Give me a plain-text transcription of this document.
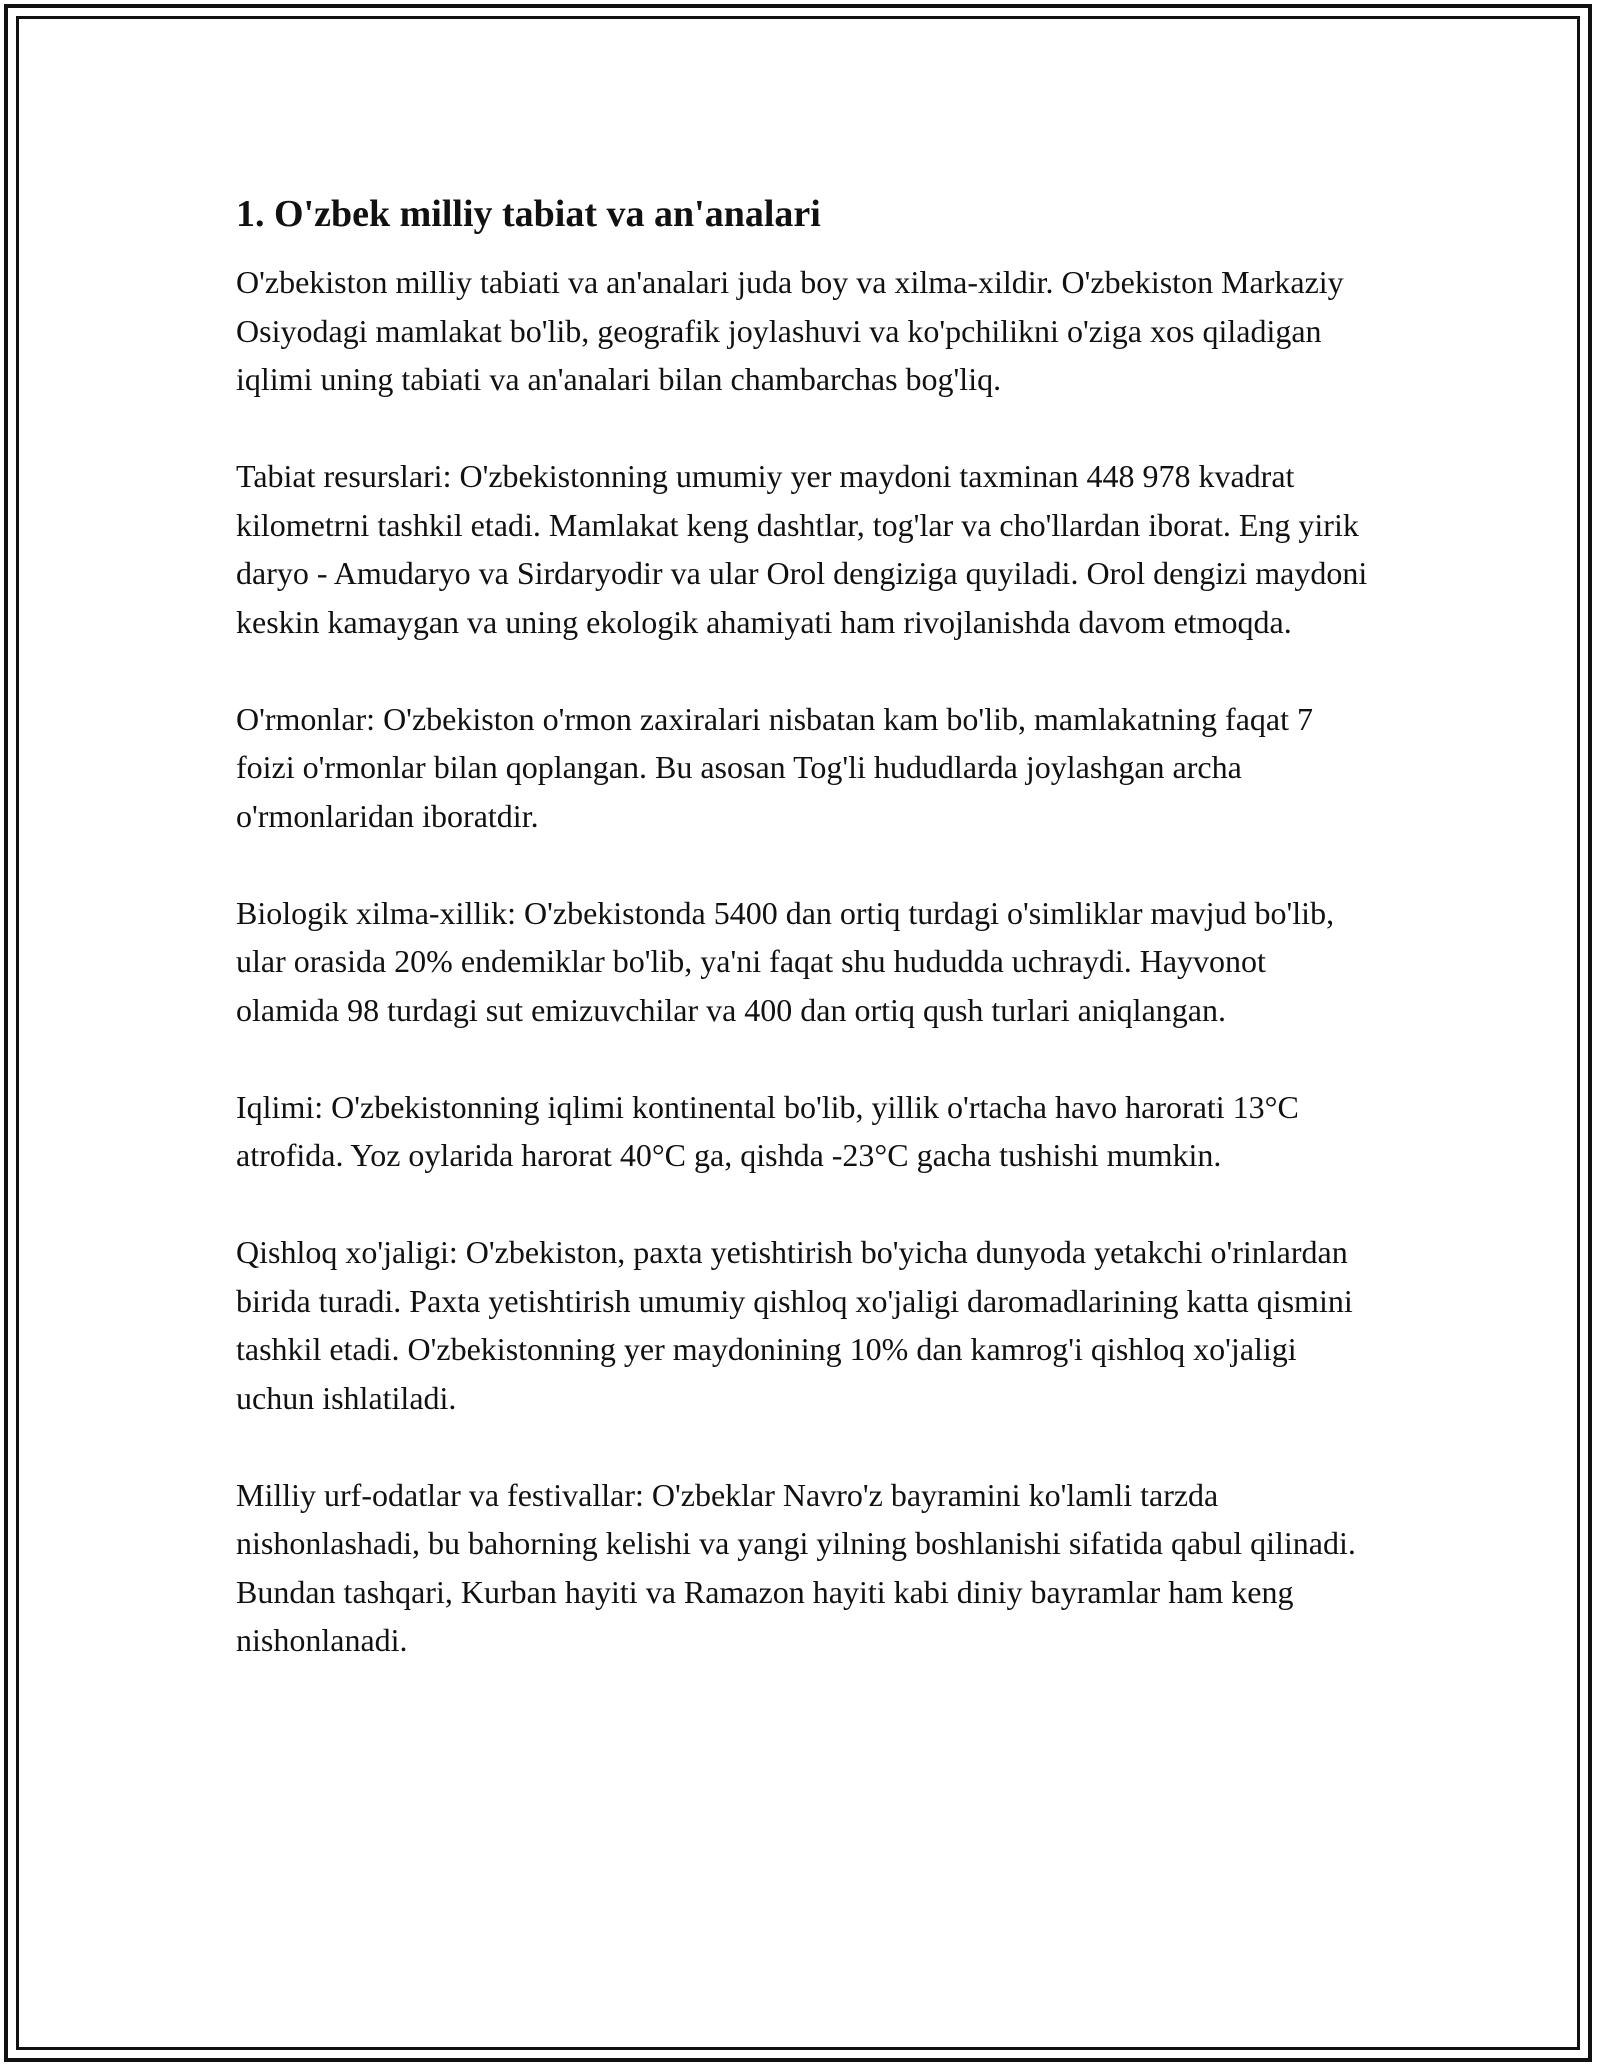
1. O'zbek milliy tabiat va an'analari

O'zbekiston milliy tabiati va an'analari juda boy va xilma-xildir. O'zbekiston Markaziy Osiyodagi mamlakat bo'lib, geografik joylashuvi va ko'pchilikni o'ziga xos qiladigan iqlimi uning tabiati va an'analari bilan chambarchas bog'liq.

Tabiat resurslari: O'zbekistonning umumiy yer maydoni taxminan 448 978 kvadrat kilometrni tashkil etadi. Mamlakat keng dashtlar, tog'lar va cho'llardan iborat. Eng yirik daryo - Amudaryo va Sirdaryodir va ular Orol dengiziga quyiladi. Orol dengizi maydoni keskin kamaygan va uning ekologik ahamiyati ham rivojlanishda davom etmoqda.

O'rmonlar: O'zbekiston o'rmon zaxiralari nisbatan kam bo'lib, mamlakatning faqat 7 foizi o'rmonlar bilan qoplangan. Bu asosan Tog'li hududlarda joylashgan archa o'rmonlaridan iboratdir.

Biologik xilma-xillik: O'zbekistonda 5400 dan ortiq turdagi o'simliklar mavjud bo'lib, ular orasida 20% endemiklar bo'lib, ya'ni faqat shu hududda uchraydi. Hayvonot olamida 98 turdagi sut emizuvchilar va 400 dan ortiq qush turlari aniqlangan.

Iqlimi: O'zbekistonning iqlimi kontinental bo'lib, yillik o'rtacha havo harorati 13°C atrofida. Yoz oylarida harorat 40°C ga, qishda -23°C gacha tushishi mumkin.

Qishloq xo'jaligi: O'zbekiston, paxta yetishtirish bo'yicha dunyoda yetakchi o'rinlardan birida turadi. Paxta yetishtirish umumiy qishloq xo'jaligi daromadlarining katta qismini tashkil etadi. O'zbekistonning yer maydonining 10% dan kamrog'i qishloq xo'jaligi uchun ishlatiladi.

Milliy urf-odatlar va festivallar: O'zbeklar Navro'z bayramini ko'lamli tarzda nishonlashadi, bu bahorning kelishi va yangi yilning boshlanishi sifatida qabul qilinadi. Bundan tashqari, Kurban hayiti va Ramazon hayiti kabi diniy bayramlar ham keng nishonlanadi.
